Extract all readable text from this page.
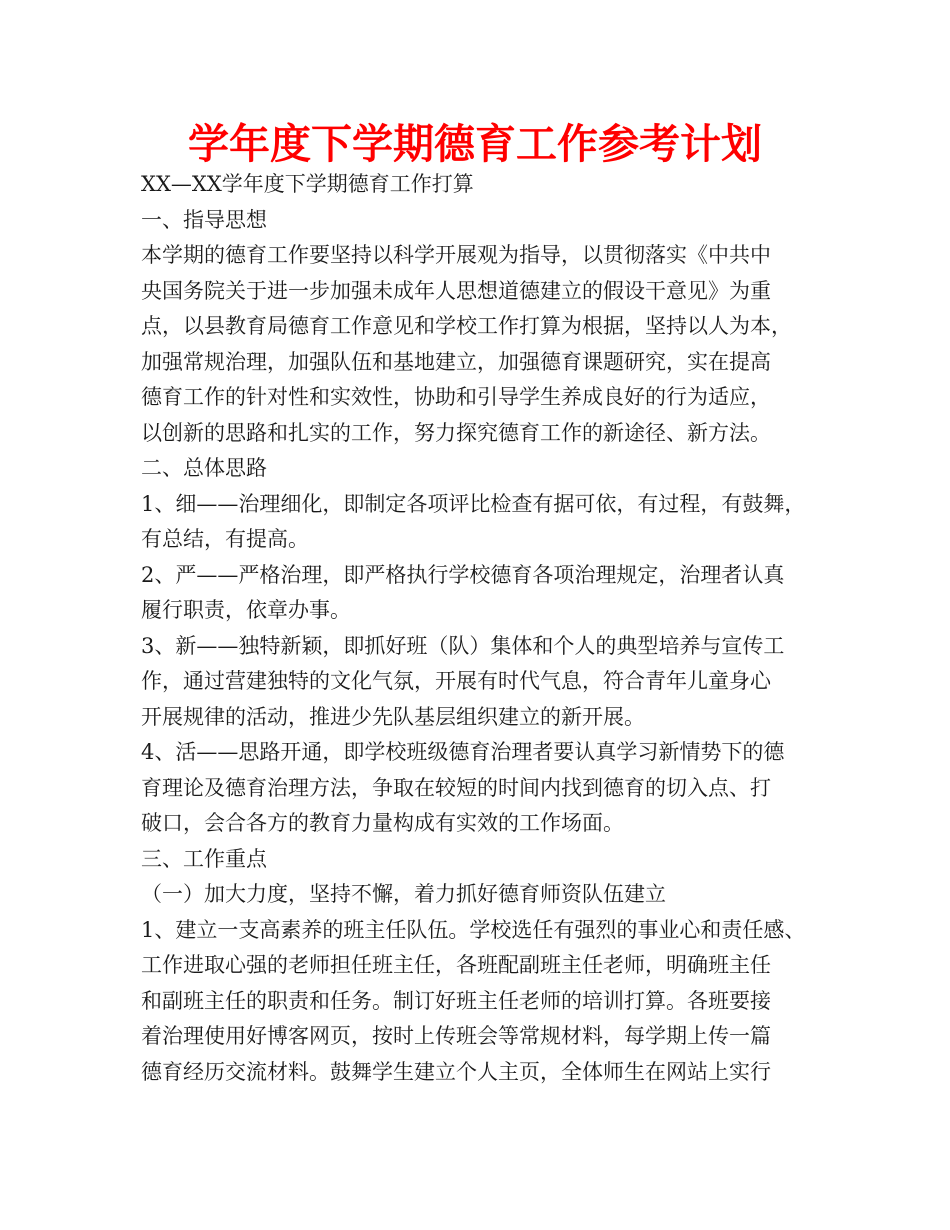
学年度下学期德育工作参考计划
XX—XX学年度下学期德育工作打算
一、指导思想
本学期的德育工作要坚持以科学开展观为指导，以贯彻落实《中共中
央国务院关于进一步加强未成年人思想道德建立的假设干意见》为重
点，以县教育局德育工作意见和学校工作打算为根据，坚持以人为本，
加强常规治理，加强队伍和基地建立，加强德育课题研究，实在提高
德育工作的针对性和实效性，协助和引导学生养成良好的行为适应，
以创新的思路和扎实的工作，努力探究德育工作的新途径、新方法。
二、总体思路
1、细——治理细化，即制定各项评比检查有据可依，有过程，有鼓舞，
有总结，有提高。
2、严——严格治理，即严格执行学校德育各项治理规定，治理者认真
履行职责，依章办事。
3、新——独特新颖，即抓好班（队）集体和个人的典型培养与宣传工
作，通过营建独特的文化气氛，开展有时代气息，符合青年儿童身心
开展规律的活动，推进少先队基层组织建立的新开展。
4、活——思路开通，即学校班级德育治理者要认真学习新情势下的德
育理论及德育治理方法，争取在较短的时间内找到德育的切入点、打
破口，会合各方的教育力量构成有实效的工作场面。
三、工作重点
（一）加大力度，坚持不懈，着力抓好德育师资队伍建立
1、建立一支高素养的班主任队伍。学校选任有强烈的事业心和责任感、
工作进取心强的老师担任班主任，各班配副班主任老师，明确班主任
和副班主任的职责和任务。制订好班主任老师的培训打算。各班要接
着治理使用好博客网页，按时上传班会等常规材料，每学期上传一篇
德育经历交流材料。鼓舞学生建立个人主页，全体师生在网站上实行
